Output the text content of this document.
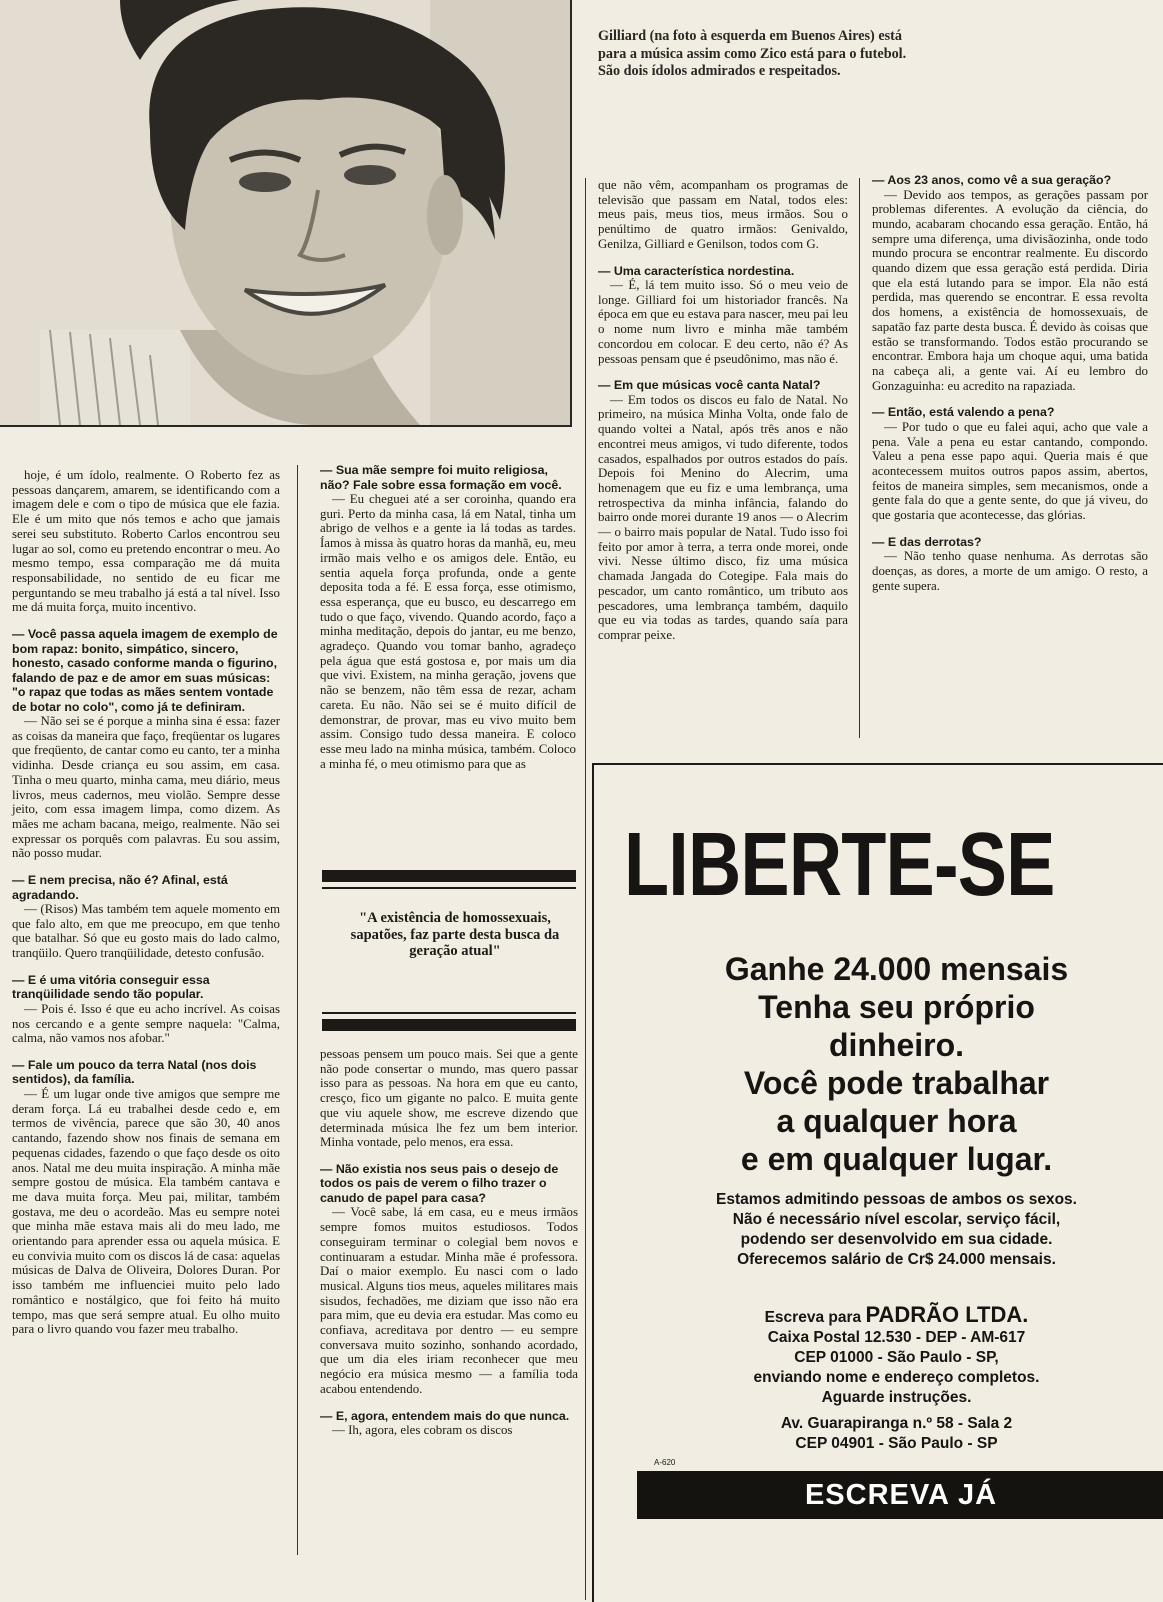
Gilliard (na foto à esquerda em Buenos Aires) está para a música assim como Zico está para o futebol. São dois ídolos admirados e respeitados.

hoje, é um ídolo, realmente. O Roberto fez as pessoas dançarem, amarem, se identificando com a imagem dele e com o tipo de música que ele fazia. Ele é um mito que nós temos e acho que jamais serei seu substituto. Roberto Carlos encontrou seu lugar ao sol, como eu pretendo encontrar o meu. Ao mesmo tempo, essa comparação me dá muita responsabilidade, no sentido de eu ficar me perguntando se meu trabalho já está a tal nível. Isso me dá muita força, muito incentivo.

— Você passa aquela imagem de exemplo de bom rapaz: bonito, simpático, sincero, honesto, casado conforme manda o figurino, falando de paz e de amor em suas músicas: "o rapaz que todas as mães sentem vontade de botar no colo", como já te definiram.

— Não sei se é porque a minha sina é essa: fazer as coisas da maneira que faço, freqüentar os lugares que freqüento, de cantar como eu canto, ter a minha vidinha. Desde criança eu sou assim, em casa. Tinha o meu quarto, minha cama, meu diário, meus livros, meus cadernos, meu violão. Sempre desse jeito, com essa imagem limpa, como dizem. As mães me acham bacana, meigo, realmente. Não sei expressar os porquês com palavras. Eu sou assim, não posso mudar.

— E nem precisa, não é? Afinal, está agradando.

— (Risos) Mas também tem aquele momento em que falo alto, em que me preocupo, em que tenho que batalhar. Só que eu gosto mais do lado calmo, tranqüilo. Quero tranqüilidade, detesto confusão.

— E é uma vitória conseguir essa tranqüilidade sendo tão popular.

— Pois é. Isso é que eu acho incrível. As coisas nos cercando e a gente sempre naquela: "Calma, calma, não vamos nos afobar."

— Fale um pouco da terra Natal (nos dois sentidos), da família.

— É um lugar onde tive amigos que sempre me deram força. Lá eu trabalhei desde cedo e, em termos de vivência, parece que são 30, 40 anos cantando, fazendo show nos finais de semana em pequenas cidades, fazendo o que faço desde os oito anos. Natal me deu muita inspiração. A minha mãe sempre gostou de música. Ela também cantava e me dava muita força. Meu pai, militar, também gostava, me deu o acordeão. Mas eu sempre notei que minha mãe estava mais ali do meu lado, me orientando para aprender essa ou aquela música. E eu convivia muito com os discos lá de casa: aquelas músicas de Dalva de Oliveira, Dolores Duran. Por isso também me influenciei muito pelo lado romântico e nostálgico, que foi feito há muito tempo, mas que será sempre atual. Eu olho muito para o livro quando vou fazer meu trabalho.

— Sua mãe sempre foi muito religiosa, não? Fale sobre essa formação em você.

— Eu cheguei até a ser coroinha, quando era guri. Perto da minha casa, lá em Natal, tinha um abrigo de velhos e a gente ia lá todas as tardes. Íamos à missa às quatro horas da manhã, eu, meu irmão mais velho e os amigos dele. Então, eu sentia aquela força profunda, onde a gente deposita toda a fé. E essa força, esse otimismo, essa esperança, que eu busco, eu descarrego em tudo o que faço, vivendo. Quando acordo, faço a minha meditação, depois do jantar, eu me benzo, agradeço. Quando vou tomar banho, agradeço pela água que está gostosa e, por mais um dia que vivi. Existem, na minha geração, jovens que não se benzem, não têm essa de rezar, acham careta. Eu não. Não sei se é muito difícil de demonstrar, de provar, mas eu vivo muito bem assim. Consigo tudo dessa maneira. E coloco esse meu lado na minha música, também. Coloco a minha fé, o meu otimismo para que as

"A existência de homossexuais, sapatões, faz parte desta busca da geração atual"

pessoas pensem um pouco mais. Sei que a gente não pode consertar o mundo, mas quero passar isso para as pessoas. Na hora em que eu canto, cresço, fico um gigante no palco. E muita gente que viu aquele show, me escreve dizendo que determinada música lhe fez um bem interior. Minha vontade, pelo menos, era essa.

— Não existia nos seus pais o desejo de todos os pais de verem o filho trazer o canudo de papel para casa?

— Você sabe, lá em casa, eu e meus irmãos sempre fomos muitos estudiosos. Todos conseguiram terminar o colegial bem novos e continuaram a estudar. Minha mãe é professora. Daí o maior exemplo. Eu nasci com o lado musical. Alguns tios meus, aqueles militares mais sisudos, fechadões, me diziam que isso não era para mim, que eu devia era estudar. Mas como eu confiava, acreditava por dentro — eu sempre conversava muito sozinho, sonhando acordado, que um dia eles iriam reconhecer que meu negócio era música mesmo — a família toda acabou entendendo.

— E, agora, entendem mais do que nunca.

— Ih, agora, eles cobram os discos

que não vêm, acompanham os programas de televisão que passam em Natal, todos eles: meus pais, meus tios, meus irmãos. Sou o penúltimo de quatro irmãos: Genivaldo, Genilza, Gilliard e Genilson, todos com G.

— Uma característica nordestina.

— É, lá tem muito isso. Só o meu veio de longe. Gilliard foi um historiador francês. Na época em que eu estava para nascer, meu pai leu o nome num livro e minha mãe também concordou em colocar. E deu certo, não é? As pessoas pensam que é pseudônimo, mas não é.

— Em que músicas você canta Natal?

— Em todos os discos eu falo de Natal. No primeiro, na música Minha Volta, onde falo de quando voltei a Natal, após três anos e não encontrei meus amigos, vi tudo diferente, todos casados, espalhados por outros estados do país. Depois foi Menino do Alecrim, uma homenagem que eu fiz e uma lembrança, uma retrospectiva da minha infância, falando do bairro onde morei durante 19 anos — o Alecrim — o bairro mais popular de Natal. Tudo isso foi feito por amor à terra, a terra onde morei, onde vivi. Nesse último disco, fiz uma música chamada Jangada do Cotegipe. Fala mais do pescador, um canto romântico, um tributo aos pescadores, uma lembrança também, daquilo que eu via todas as tardes, quando saía para comprar peixe.

— Aos 23 anos, como vê a sua geração?

— Devido aos tempos, as gerações passam por problemas diferentes. A evolução da ciência, do mundo, acabaram chocando essa geração. Então, há sempre uma diferença, uma divisãozinha, onde todo mundo procura se encontrar realmente. Eu discordo quando dizem que essa geração está perdida. Diria que ela está lutando para se impor. Ela não está perdida, mas querendo se encontrar. E essa revolta dos homens, a existência de homossexuais, de sapatão faz parte desta busca. É devido às coisas que estão se transformando. Todos estão procurando se encontrar. Embora haja um choque aqui, uma batida na cabeça ali, a gente vai. Aí eu lembro do Gonzaguinha: eu acredito na rapaziada.

— Então, está valendo a pena?

— Por tudo o que eu falei aqui, acho que vale a pena. Vale a pena eu estar cantando, compondo. Valeu a pena esse papo aqui. Queria mais é que acontecessem muitos outros papos assim, abertos, feitos de maneira simples, sem mecanismos, onde a gente fala do que a gente sente, do que já viveu, do que gostaria que acontecesse, das glórias.

— E das derrotas?

— Não tenho quase nenhuma. As derrotas são doenças, as dores, a morte de um amigo. O resto, a gente supera.

LIBERTE-SE
Ganhe 24.000 mensais
Tenha seu próprio
dinheiro.
Você pode trabalhar
a qualquer hora
e em qualquer lugar.
Estamos admitindo pessoas de ambos os sexos.
Não é necessário nível escolar, serviço fácil,
podendo ser desenvolvido em sua cidade.
Oferecemos salário de Cr$ 24.000 mensais.
Escreva para PADRÃO LTDA.
Caixa Postal 12.530 - DEP - AM-617
CEP 01000 - São Paulo - SP,
enviando nome e endereço completos.
Aguarde instruções.
Av. Guarapiranga n.º 58 - Sala 2
CEP 04901 - São Paulo - SP
A-620
ESCREVA JÁ
